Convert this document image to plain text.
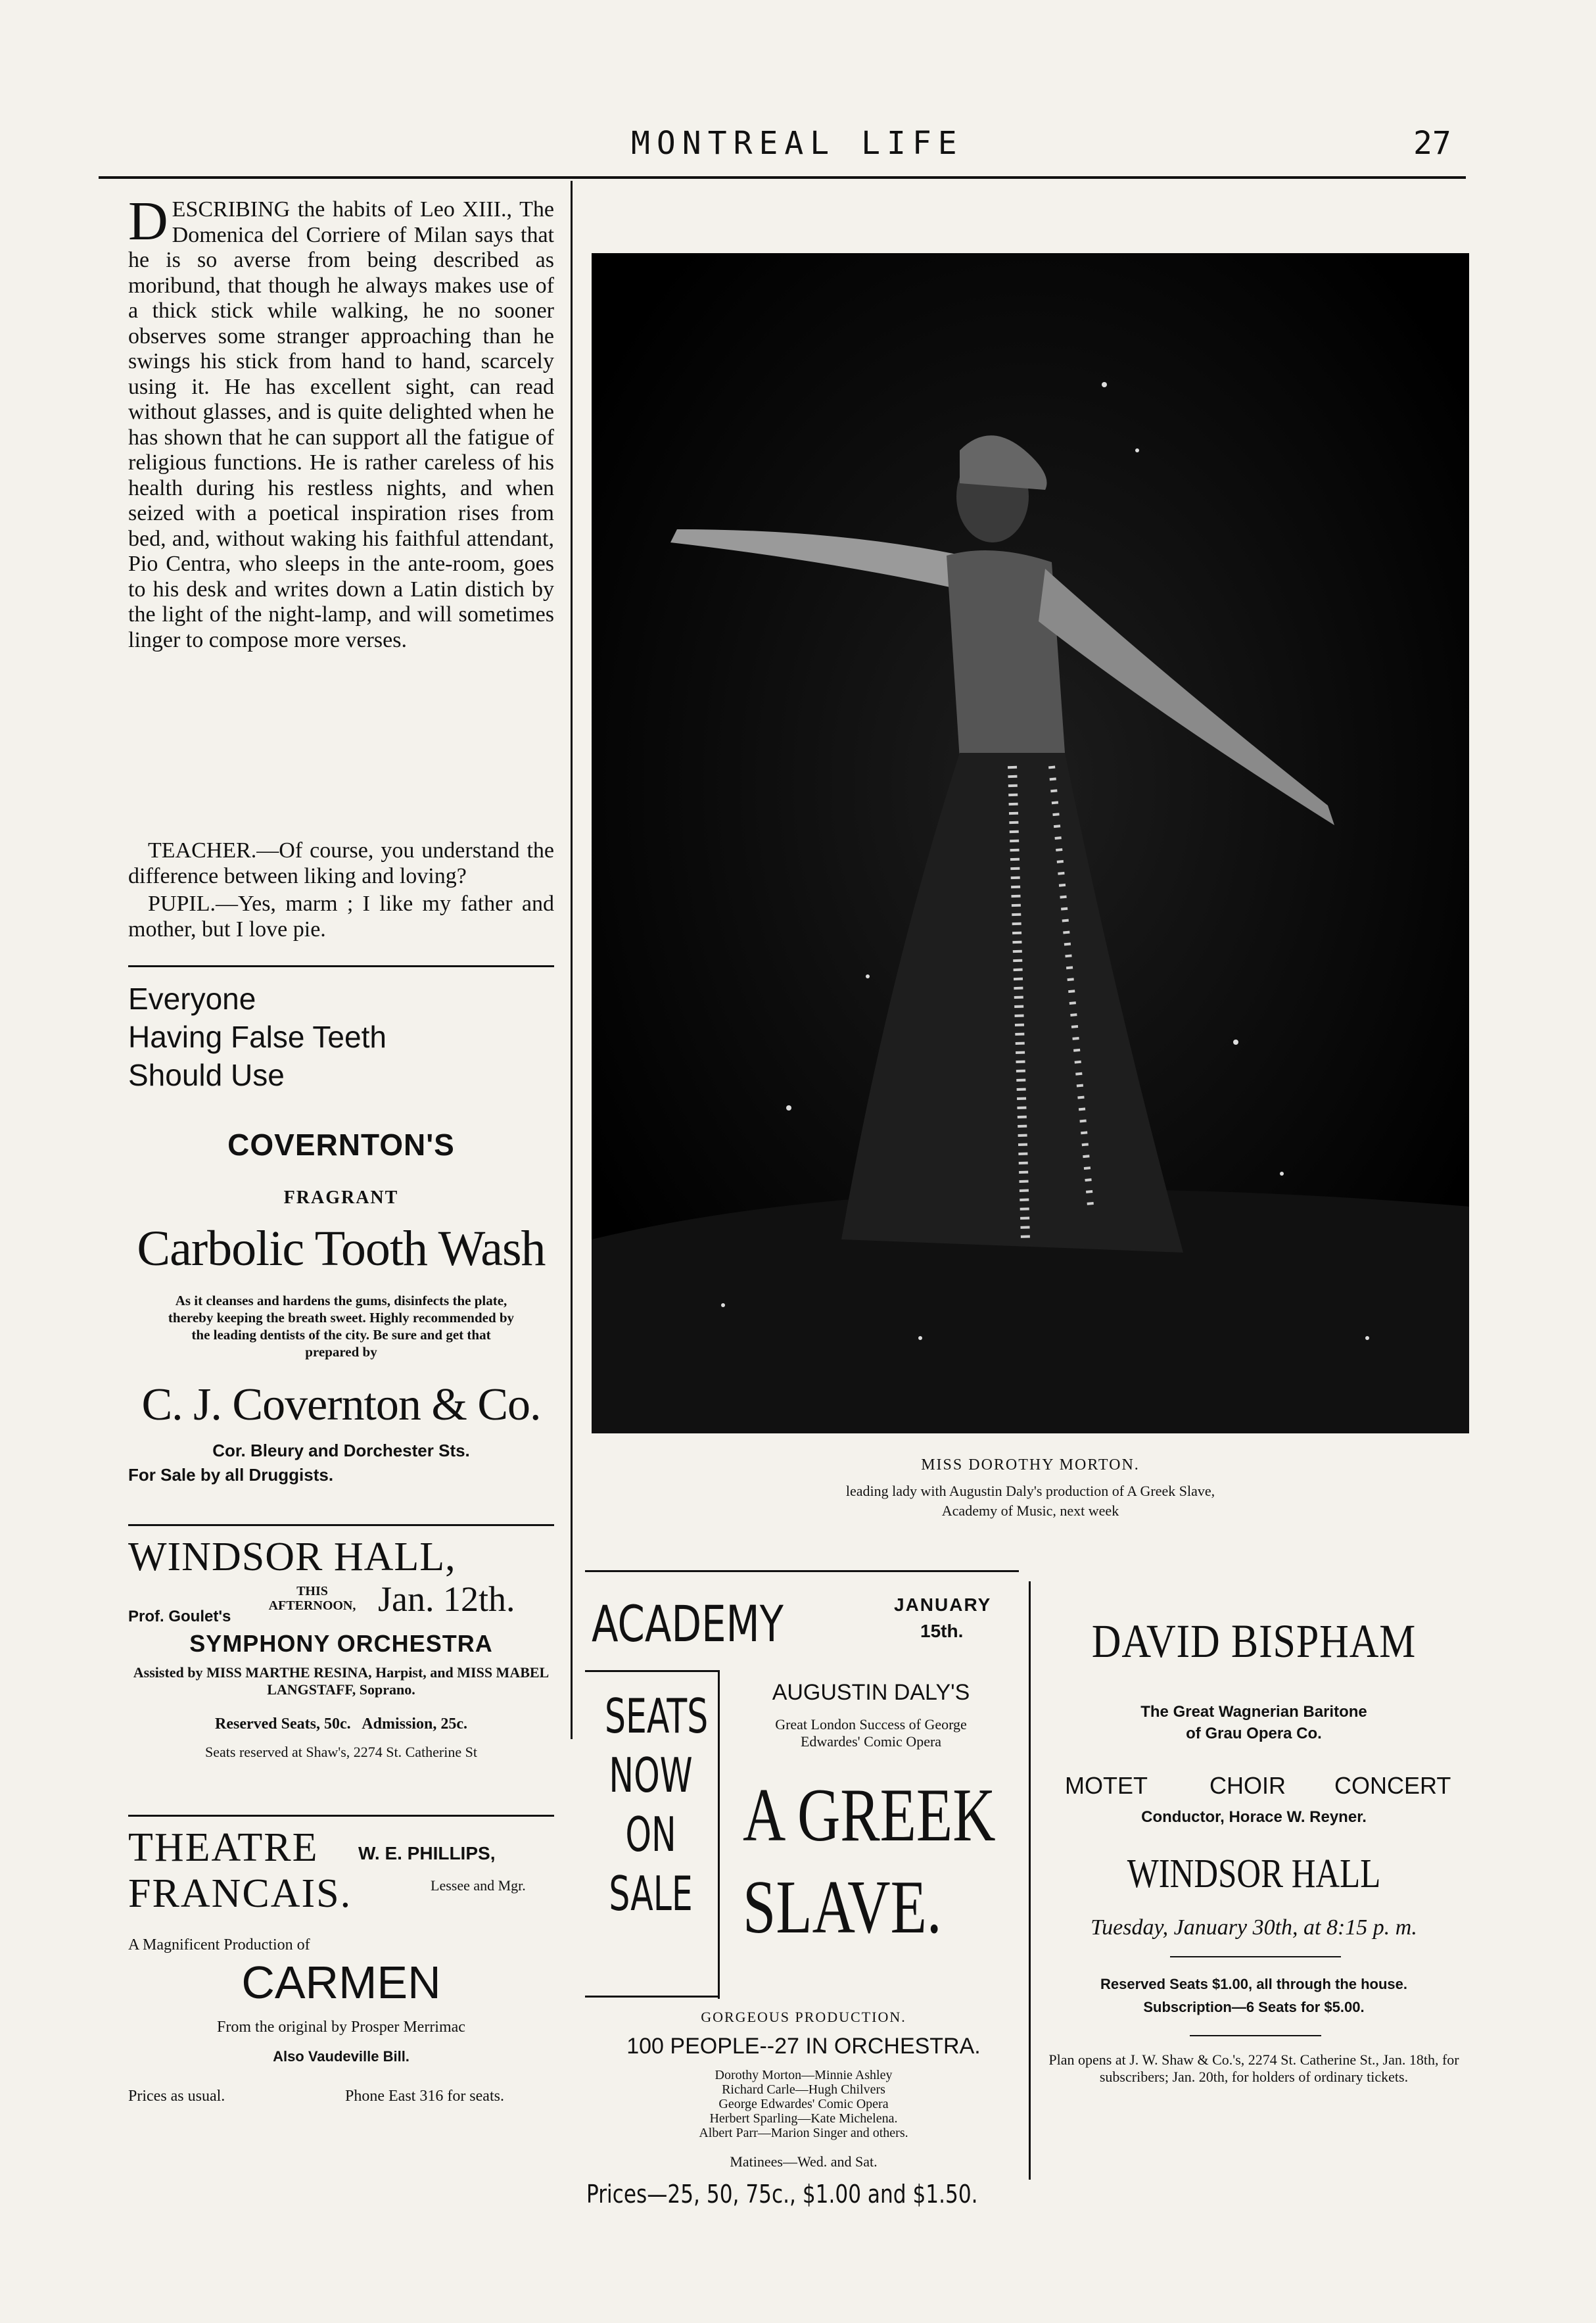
MONTREAL LIFE	27
DESCRIBING the habits of Leo XIII., The Domenica del Corriere of Milan says that he is so averse from being described as moribund, that though he always makes use of a thick stick while walking, he no sooner observes some stranger approaching than he swings his stick from hand to hand, scarcely using it. He has excellent sight, can read without glasses, and is quite delighted when he has shown that he can support all the fatigue of religious functions. He is rather careless of his health during his restless nights, and when seized with a poetical inspiration rises from bed, and, without waking his faithful attendant, Pio Centra, who sleeps in the ante-room, goes to his desk and writes down a Latin distich by the light of the night-lamp, and will sometimes linger to compose more verses.
TEACHER.—Of course, you understand the difference between liking and loving?
PUPIL.—Yes, marm ; I like my father and mother, but I love pie.
Everyone
Having False Teeth
Should Use
COVERNTON'S
FRAGRANT
Carbolic Tooth Wash
As it cleanses and hardens the gums, disinfects the plate, thereby keeping the breath sweet. Highly recommended by the leading dentists of the city. Be sure and get that prepared by
C. J. Covernton & Co.
Cor. Bleury and Dorchester Sts.
For Sale by all Druggists.
WINDSOR HALL,
THIS AFTERNOON, Jan. 12th.
Prof. Goulet's
SYMPHONY ORCHESTRA
Assisted by MISS MARTHE RESINA, Harpist, and MISS MABEL LANGSTAFF, Soprano.
Reserved Seats, 50c.   Admission, 25c.
Seats reserved at Shaw's, 2274 St. Catherine St
THEATRE W. E. PHILLIPS,
FRANCAIS.	Lessee and Mgr.
A Magnificent Production of
CARMEN
From the original by Prosper Merrimac
Also Vaudeville Bill.
Prices as usual.	Phone East 316 for seats.
MISS DOROTHY MORTON.
leading lady with Augustin Daly's production of A Greek Slave,
Academy of Music, next week
ACADEMY	JANUARY
15th.
SEATS
NOW
ON
SALE
AUGUSTIN DALY'S
Great London Success of George Edwardes' Comic Opera
A GREEK
SLAVE.
GORGEOUS PRODUCTION.
100 PEOPLE--27 IN ORCHESTRA.
Dorothy Morton—Minnie Ashley
Richard Carle—Hugh Chilvers
George Edwardes' Comic Opera
Herbert Sparling—Kate Michelena.
Albert Parr—Marion Singer and others.
Matinees—Wed. and Sat.
Prices—25, 50, 75c., $1.00 and $1.50.
DAVID BISPHAM
The Great Wagnerian Baritone
of Grau Opera Co.
MOTET	CHOIR CONCERT
Conductor, Horace W. Reyner.
WINDSOR HALL
Tuesday, January 30th, at 8:15 p. m.
Reserved Seats $1.00, all through the house.
Subscription—6 Seats for $5.00.
Plan opens at J. W. Shaw & Co.'s, 2274 St. Catherine St., Jan. 18th, for subscribers; Jan. 20th, for holders of ordinary tickets.
